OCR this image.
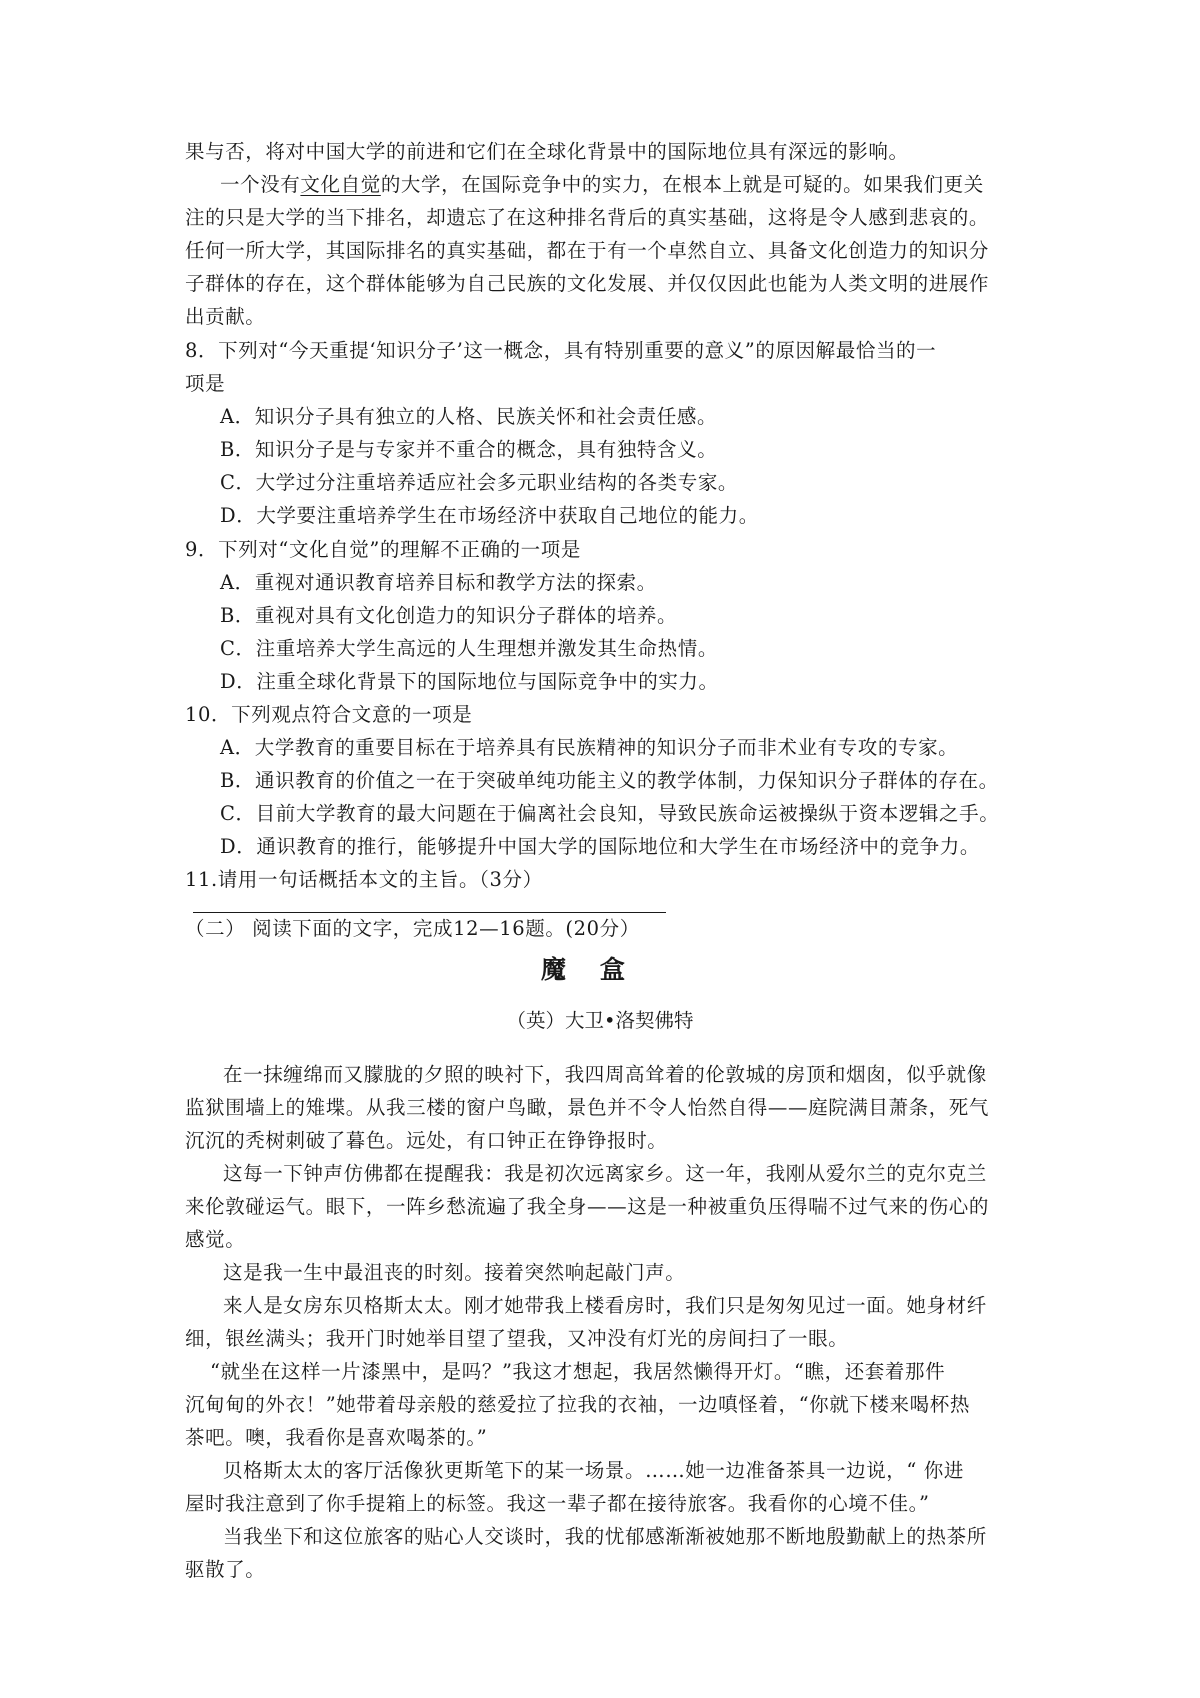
果与否，将对中国大学的前进和它们在全球化背景中的国际地位具有深远的影响。
一个没有文化自觉的大学，在国际竞争中的实力，在根本上就是可疑的。如果我们更关
注的只是大学的当下排名，却遗忘了在这种排名背后的真实基础，这将是令人感到悲哀的。
任何一所大学，其国际排名的真实基础，都在于有一个卓然自立、具备文化创造力的知识分
子群体的存在，这个群体能够为自己民族的文化发展、并仅仅因此也能为人类文明的进展作
出贡献。
8．下列对“今天重提‘知识分子’这一概念，具有特别重要的意义”的原因解最恰当的一
项是
A．知识分子具有独立的人格、民族关怀和社会责任感。
B．知识分子是与专家并不重合的概念，具有独特含义。
C．大学过分注重培养适应社会多元职业结构的各类专家。
D．大学要注重培养学生在市场经济中获取自己地位的能力。
9．下列对“文化自觉”的理解不正确的一项是
A．重视对通识教育培养目标和教学方法的探索。
B．重视对具有文化创造力的知识分子群体的培养。
C．注重培养大学生高远的人生理想并激发其生命热情。
D．注重全球化背景下的国际地位与国际竞争中的实力。
10．下列观点符合文意的一项是
A．大学教育的重要目标在于培养具有民族精神的知识分子而非术业有专攻的专家。
B．通识教育的价值之一在于突破单纯功能主义的教学体制，力保知识分子群体的存在。
C．目前大学教育的最大问题在于偏离社会良知，导致民族命运被操纵于资本逻辑之手。
D．通识教育的推行，能够提升中国大学的国际地位和大学生在市场经济中的竞争力。
11.请用一句话概括本文的主旨。（3分）
（二） 阅读下面的文字，完成12—16题。(20分）
魔盒
（英）大卫•洛契佛特
在一抹缠绵而又朦胧的夕照的映衬下，我四周高耸着的伦敦城的房顶和烟囱，似乎就像
监狱围墙上的雉堞。从我三楼的窗户鸟瞰，景色并不令人怡然自得——庭院满目萧条，死气
沉沉的秃树刺破了暮色。远处，有口钟正在铮铮报时。
这每一下钟声仿佛都在提醒我：我是初次远离家乡。这一年，我刚从爱尔兰的克尔克兰
来伦敦碰运气。眼下，一阵乡愁流遍了我全身——这是一种被重负压得喘不过气来的伤心的
感觉。
这是我一生中最沮丧的时刻。接着突然响起敲门声。
来人是女房东贝格斯太太。刚才她带我上楼看房时，我们只是匆匆见过一面。她身材纤
细，银丝满头；我开门时她举目望了望我，又冲没有灯光的房间扫了一眼。
“就坐在这样一片漆黑中，是吗？”我这才想起，我居然懒得开灯。“瞧，还套着那件
沉甸甸的外衣！”她带着母亲般的慈爱拉了拉我的衣袖，一边嗔怪着，“你就下楼来喝杯热
茶吧。噢，我看你是喜欢喝茶的。”
贝格斯太太的客厅活像狄更斯笔下的某一场景。……她一边准备茶具一边说，“ 你进
屋时我注意到了你手提箱上的标签。我这一辈子都在接待旅客。我看你的心境不佳。”
当我坐下和这位旅客的贴心人交谈时，我的忧郁感渐渐被她那不断地殷勤献上的热茶所
驱散了。
